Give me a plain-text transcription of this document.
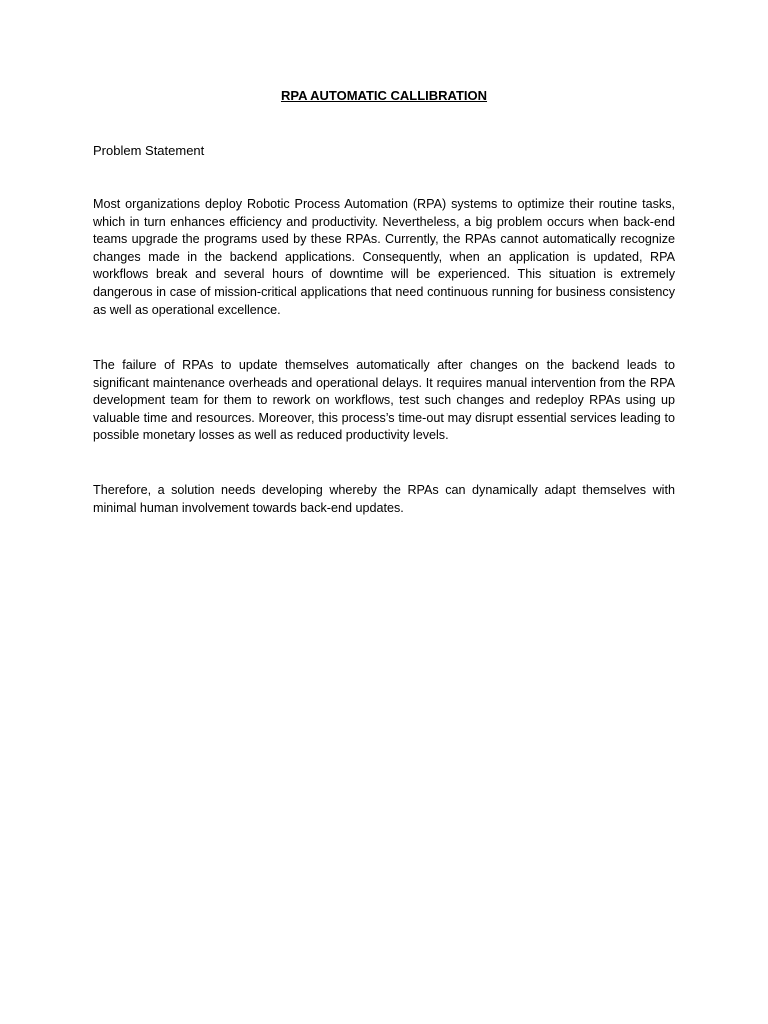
RPA AUTOMATIC CALLIBRATION
Problem Statement

Most organizations deploy Robotic Process Automation (RPA) systems to optimize their routine tasks, which in turn enhances efficiency and productivity. Nevertheless, a big problem occurs when back-end teams upgrade the programs used by these RPAs. Currently, the RPAs cannot automatically recognize changes made in the backend applications. Consequently, when an application is updated, RPA workflows break and several hours of downtime will be experienced. This situation is extremely dangerous in case of mission-critical applications that need continuous running for business consistency as well as operational excellence.

The failure of RPAs to update themselves automatically after changes on the backend leads to significant maintenance overheads and operational delays. It requires manual intervention from the RPA development team for them to rework on workflows, test such changes and redeploy RPAs using up valuable time and resources. Moreover, this process’s time-out may disrupt essential services leading to possible monetary losses as well as reduced productivity levels.

Therefore, a solution needs developing whereby the RPAs can dynamically adapt themselves with minimal human involvement towards back-end updates.
